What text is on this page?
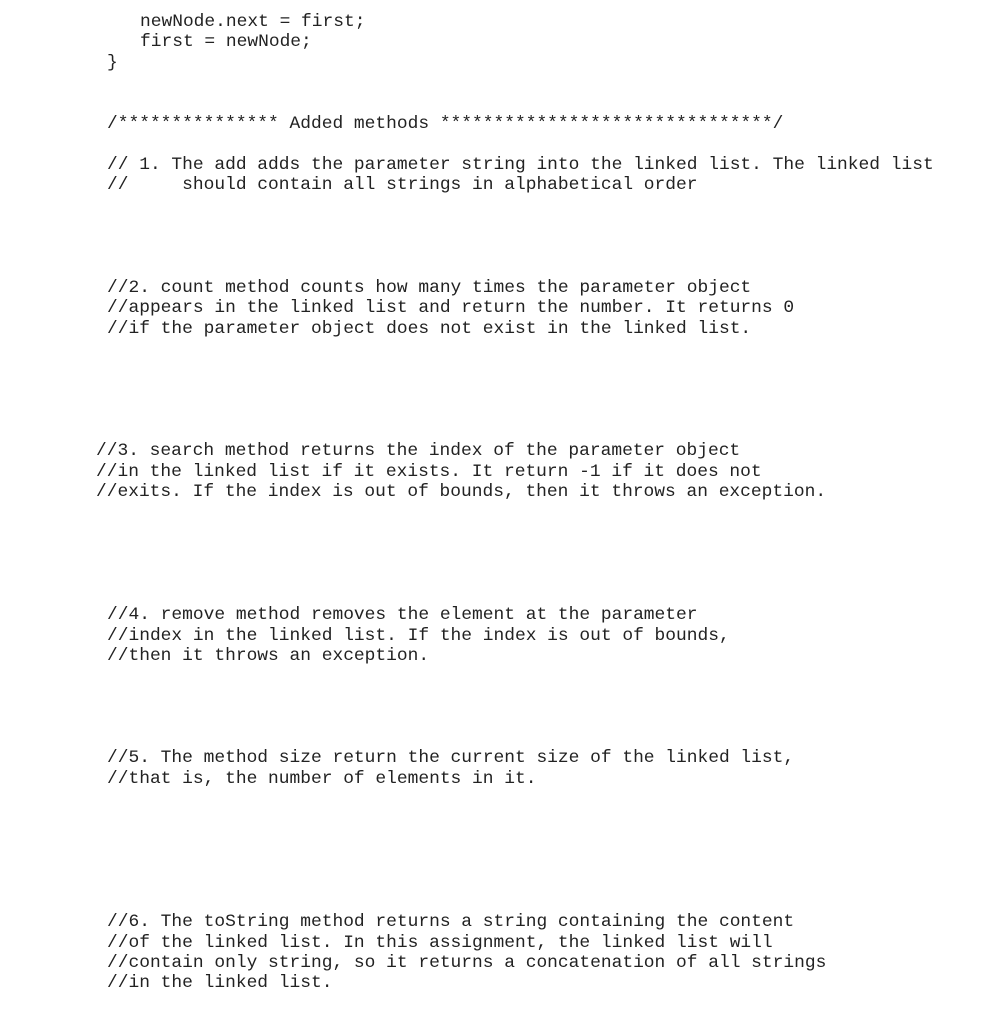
newNode.next = first;

first = newNode;

}

/*************** Added methods *******************************/

// 1. The add adds the parameter string into the linked list. The linked list

//     should contain all strings in alphabetical order

//2. count method counts how many times the parameter object

//appears in the linked list and return the number. It returns 0

//if the parameter object does not exist in the linked list.

//3. search method returns the index of the parameter object

//in the linked list if it exists. It return -1 if it does not

//exits. If the index is out of bounds, then it throws an exception.

//4. remove method removes the element at the parameter

//index in the linked list. If the index is out of bounds,

//then it throws an exception.

//5. The method size return the current size of the linked list,

//that is, the number of elements in it.

//6. The toString method returns a string containing the content

//of the linked list. In this assignment, the linked list will

//contain only string, so it returns a concatenation of all strings

//in the linked list.
